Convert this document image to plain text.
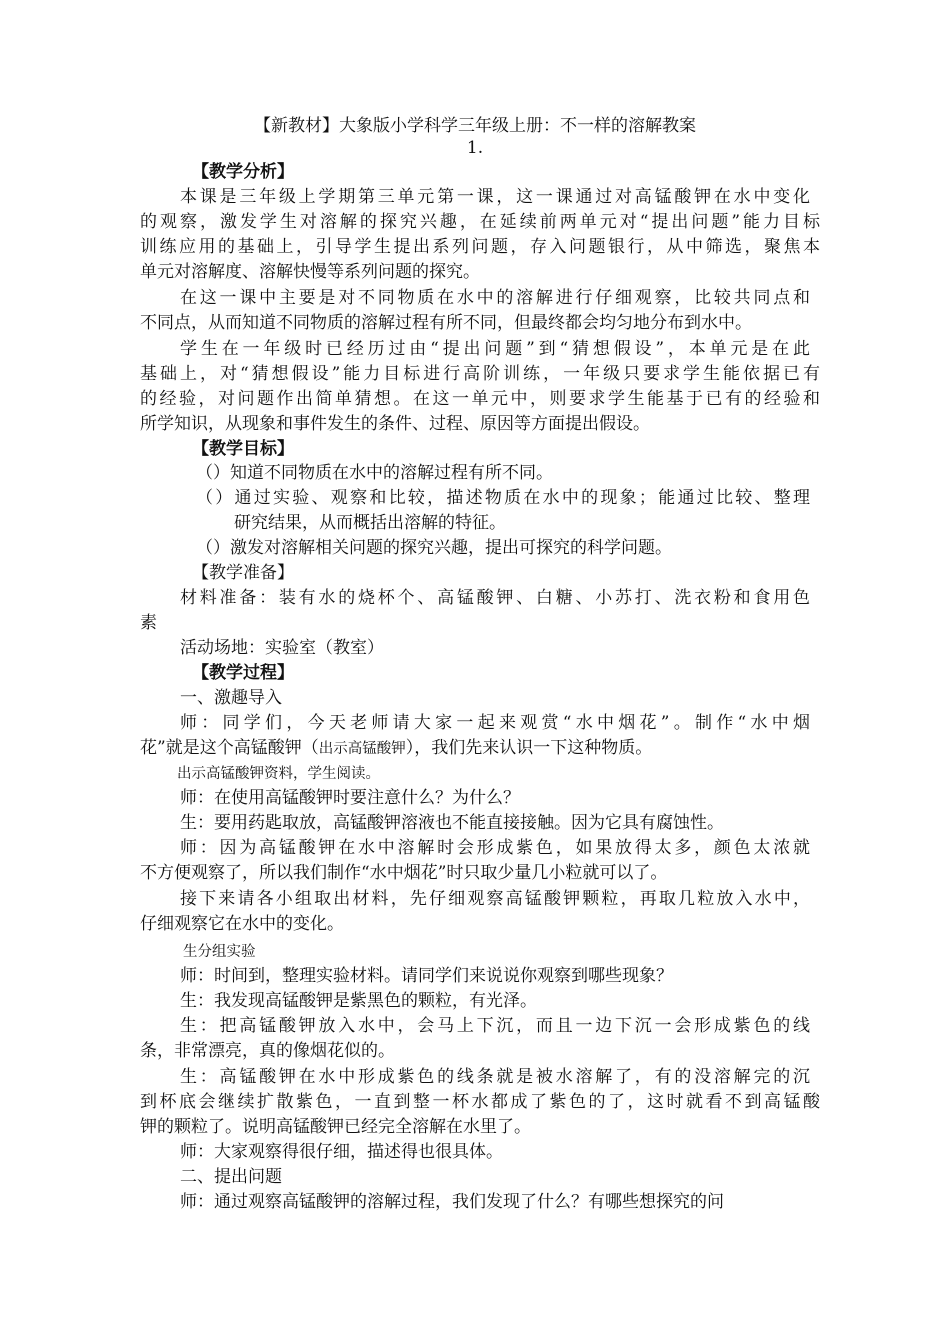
【新教材】大象版小学科学三年级上册：不一样的溶解教案
1.
【教学分析】
本课是三年级上学期第三单元第一课，这一课通过对高锰酸钾在水中变化
的观察，激发学生对溶解的探究兴趣，在延续前两单元对“提出问题”能力目标
训练应用的基础上，引导学生提出系列问题，存入问题银行，从中筛选，聚焦本
单元对溶解度、溶解快慢等系列问题的探究。
在这一课中主要是对不同物质在水中的溶解进行仔细观察，比较共同点和
不同点，从而知道不同物质的溶解过程有所不同，但最终都会均匀地分布到水中。
学生在一年级时已经历过由“提出问题”到“猜想假设”，本单元是在此
基础上，对“猜想假设”能力目标进行高阶训练，一年级只要求学生能依据已有
的经验，对问题作出简单猜想。在这一单元中，则要求学生能基于已有的经验和
所学知识，从现象和事件发生的条件、过程、原因等方面提出假设。
【教学目标】
（）知道不同物质在水中的溶解过程有所不同。
（）通过实验、观察和比较，描述物质在水中的现象；能通过比较、整理
研究结果，从而概括出溶解的特征。
（）激发对溶解相关问题的探究兴趣，提出可探究的科学问题。
【教学准备】
材料准备：装有水的烧杯个、高锰酸钾、白糖、小苏打、洗衣粉和食用色
素
活动场地：实验室（教室）
【教学过程】
一、激趣导入
师：同学们，今天老师请大家一起来观赏“水中烟花”。制作“水中烟
花”就是这个高锰酸钾（出示高锰酸钾），我们先来认识一下这种物质。
出示高锰酸钾资料，学生阅读。
师：在使用高锰酸钾时要注意什么？为什么？
生：要用药匙取放，高锰酸钾溶液也不能直接接触。因为它具有腐蚀性。
师：因为高锰酸钾在水中溶解时会形成紫色，如果放得太多，颜色太浓就
不方便观察了，所以我们制作“水中烟花”时只取少量几小粒就可以了。
接下来请各小组取出材料，先仔细观察高锰酸钾颗粒，再取几粒放入水中，
仔细观察它在水中的变化。
生分组实验
师：时间到，整理实验材料。请同学们来说说你观察到哪些现象？
生：我发现高锰酸钾是紫黑色的颗粒，有光泽。
生：把高锰酸钾放入水中，会马上下沉，而且一边下沉一会形成紫色的线
条，非常漂亮，真的像烟花似的。
生：高锰酸钾在水中形成紫色的线条就是被水溶解了，有的没溶解完的沉
到杯底会继续扩散紫色，一直到整一杯水都成了紫色的了，这时就看不到高锰酸
钾的颗粒了。说明高锰酸钾已经完全溶解在水里了。
师：大家观察得很仔细，描述得也很具体。
二、提出问题
师：通过观察高锰酸钾的溶解过程，我们发现了什么？有哪些想探究的问
